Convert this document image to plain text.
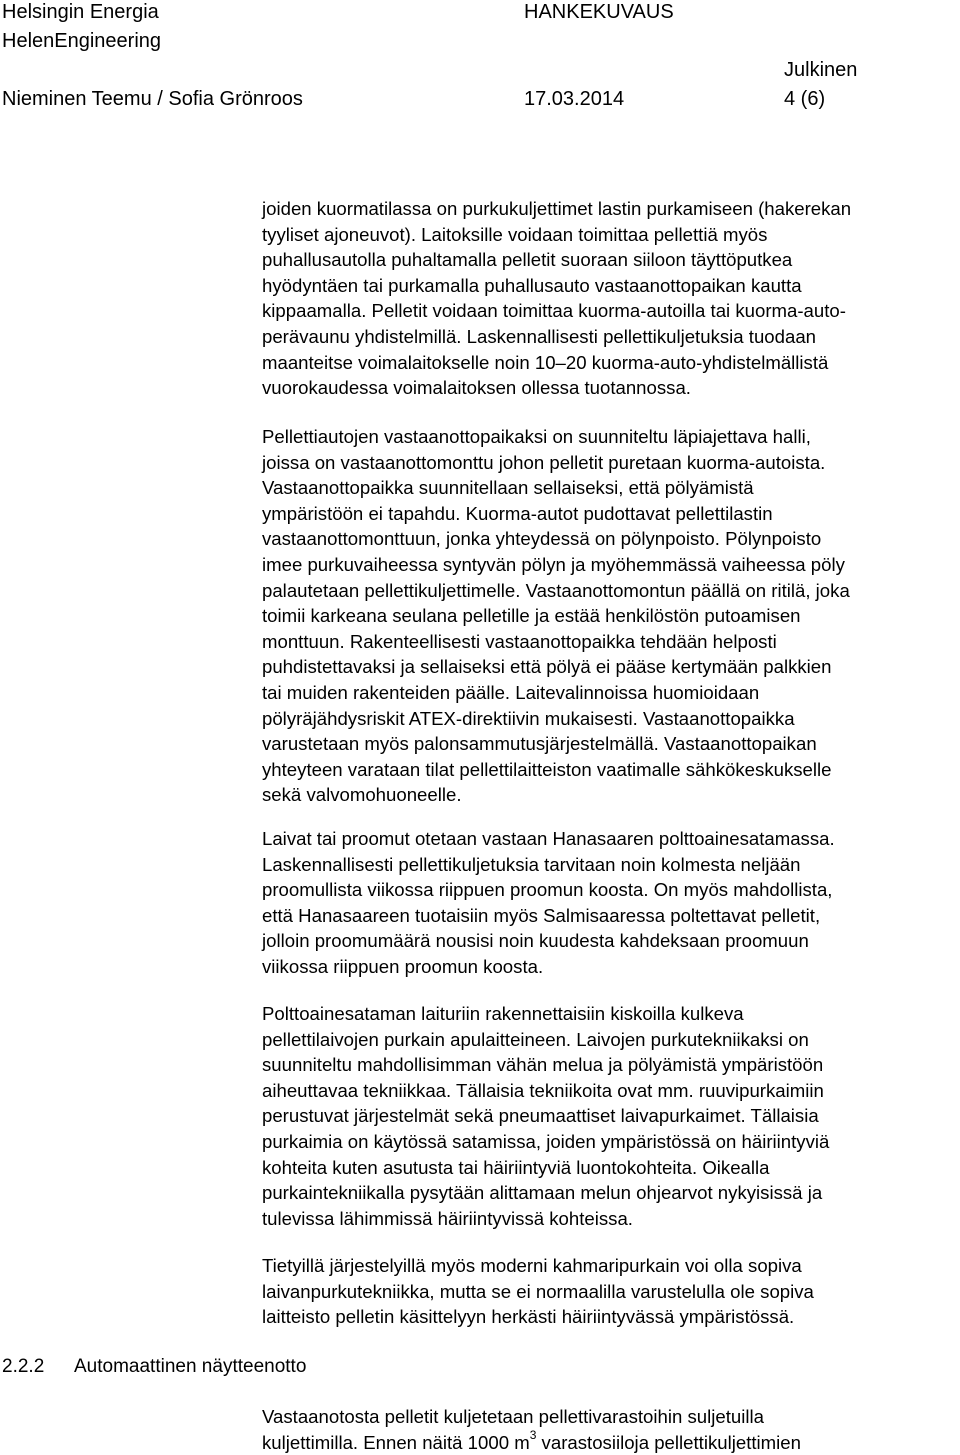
Helsingin Energia
HelenEngineering
Nieminen Teemu / Sofia Grönroos
HANKEKUVAUS
17.03.2014
Julkinen
4 (6)
joiden kuormatilassa on purkukuljettimet lastin purkamiseen (hakerekan
tyyliset ajoneuvot). Laitoksille voidaan toimittaa pellettiä myös
puhallusautolla puhaltamalla pelletit suoraan siiloon täyttöputkea
hyödyntäen tai purkamalla puhallusauto vastaanottopaikan kautta
kippaamalla. Pelletit voidaan toimittaa kuorma-autoilla tai kuorma-auto-
perävaunu yhdistelmillä. Laskennallisesti pellettikuljetuksia tuodaan
maanteitse voimalaitokselle noin 10–20 kuorma-auto-yhdistelmällistä
vuorokaudessa voimalaitoksen ollessa tuotannossa.
Pellettiautojen vastaanottopaikaksi on suunniteltu läpiajettava halli,
joissa on vastaanottomonttu johon pelletit puretaan kuorma-autoista.
Vastaanottopaikka suunnitellaan sellaiseksi, että pölyämistä
ympäristöön ei tapahdu. Kuorma-autot pudottavat pellettilastin
vastaanottomonttuun, jonka yhteydessä on pölynpoisto. Pölynpoisto
imee purkuvaiheessa syntyvän pölyn ja myöhemmässä vaiheessa pöly
palautetaan pellettikuljettimelle. Vastaanottomontun päällä on ritilä, joka
toimii karkeana seulana pelletille ja estää henkilöstön putoamisen
monttuun. Rakenteellisesti vastaanottopaikka tehdään helposti
puhdistettavaksi ja sellaiseksi että pölyä ei pääse kertymään palkkien
tai muiden rakenteiden päälle. Laitevalinnoissa huomioidaan
pölyräjähdysriskit ATEX-direktiivin mukaisesti. Vastaanottopaikka
varustetaan myös palonsammutusjärjestelmällä. Vastaanottopaikan
yhteyteen varataan tilat pellettilaitteiston vaatimalle sähkökeskukselle
sekä valvomohuoneelle.
Laivat tai proomut otetaan vastaan Hanasaaren polttoainesatamassa.
Laskennallisesti pellettikuljetuksia tarvitaan noin kolmesta neljään
proomullista viikossa riippuen proomun koosta. On myös mahdollista,
että Hanasaareen tuotaisiin myös Salmisaaressa poltettavat pelletit,
jolloin proomumäärä nousisi noin kuudesta kahdeksaan proomuun
viikossa riippuen proomun koosta.
Polttoainesataman laituriin rakennettaisiin kiskoilla kulkeva
pellettilaivojen purkain apulaitteineen. Laivojen purkutekniikaksi on
suunniteltu mahdollisimman vähän melua ja pölyämistä ympäristöön
aiheuttavaa tekniikkaa. Tällaisia tekniikoita ovat mm. ruuvipurkaimiin
perustuvat järjestelmät sekä pneumaattiset laivapurkaimet. Tällaisia
purkaimia on käytössä satamissa, joiden ympäristössä on häiriintyviä
kohteita kuten asutusta tai häiriintyviä luontokohteita. Oikealla
purkaintekniikalla pysytään alittamaan melun ohjearvot nykyisissä ja
tulevissa lähimmissä häiriintyvissä kohteissa.
Tietyillä järjestelyillä myös moderni kahmaripurkain voi olla sopiva
laivanpurkutekniikka, mutta se ei normaalilla varustelulla ole sopiva
laitteisto pelletin käsittelyyn herkästi häiriintyvässä ympäristössä.
2.2.2 Automaattinen näytteenotto
Vastaanotosta pelletit kuljetetaan pellettivarastoihin suljetuilla
kuljettimilla. Ennen näitä 1000 $m^3$ varastosiiloja pellettikuljettimien
